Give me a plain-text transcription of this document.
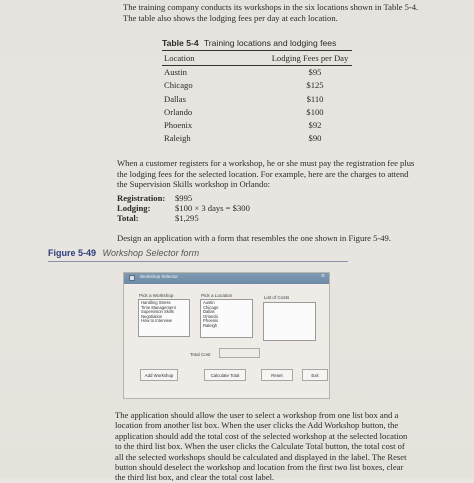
The training company conducts its workshops in the six locations shown in Table 5-4.
The table also shows the lodging fees per day at each location.
Table 5-4 Training locations and lodging fees
Location	Lodging Fees per Day
Austin	$95
Chicago	$125
Dallas	$110
Orlando	$100
Phoenix	$92
Raleigh	$90
When a customer registers for a workshop, he or she must pay the registration fee plus the lodging fees for the selected location. For example, here are the charges to attend the Supervision Skills workshop in Orlando:
Registration:	$995
Lodging:	$100 × 3 days = $300
Total:	$1,295
Design an application with a form that resembles the one shown in Figure 5-49.
Figure 5-49 Workshop Selector form
Workshop Selector	×
Pick a Workshop
Handling Stress
Time Management
Supervision Skills
Negotiation
How to Interview
Pick a Location
Austin
Chicago
Dallas
Orlando
Phoenix
Raleigh
List of Costs
Total Cost
Add Workshop	Calculate Total	Reset	Exit
The application should allow the user to select a workshop from one list box and a location from another list box. When the user clicks the Add Workshop button, the application should add the total cost of the selected workshop at the selected location to the third list box. When the user clicks the Calculate Total button, the total cost of all the selected workshops should be calculated and displayed in the label. The Reset button should deselect the workshop and location from the first two list boxes, clear the third list box, and clear the total cost label.
